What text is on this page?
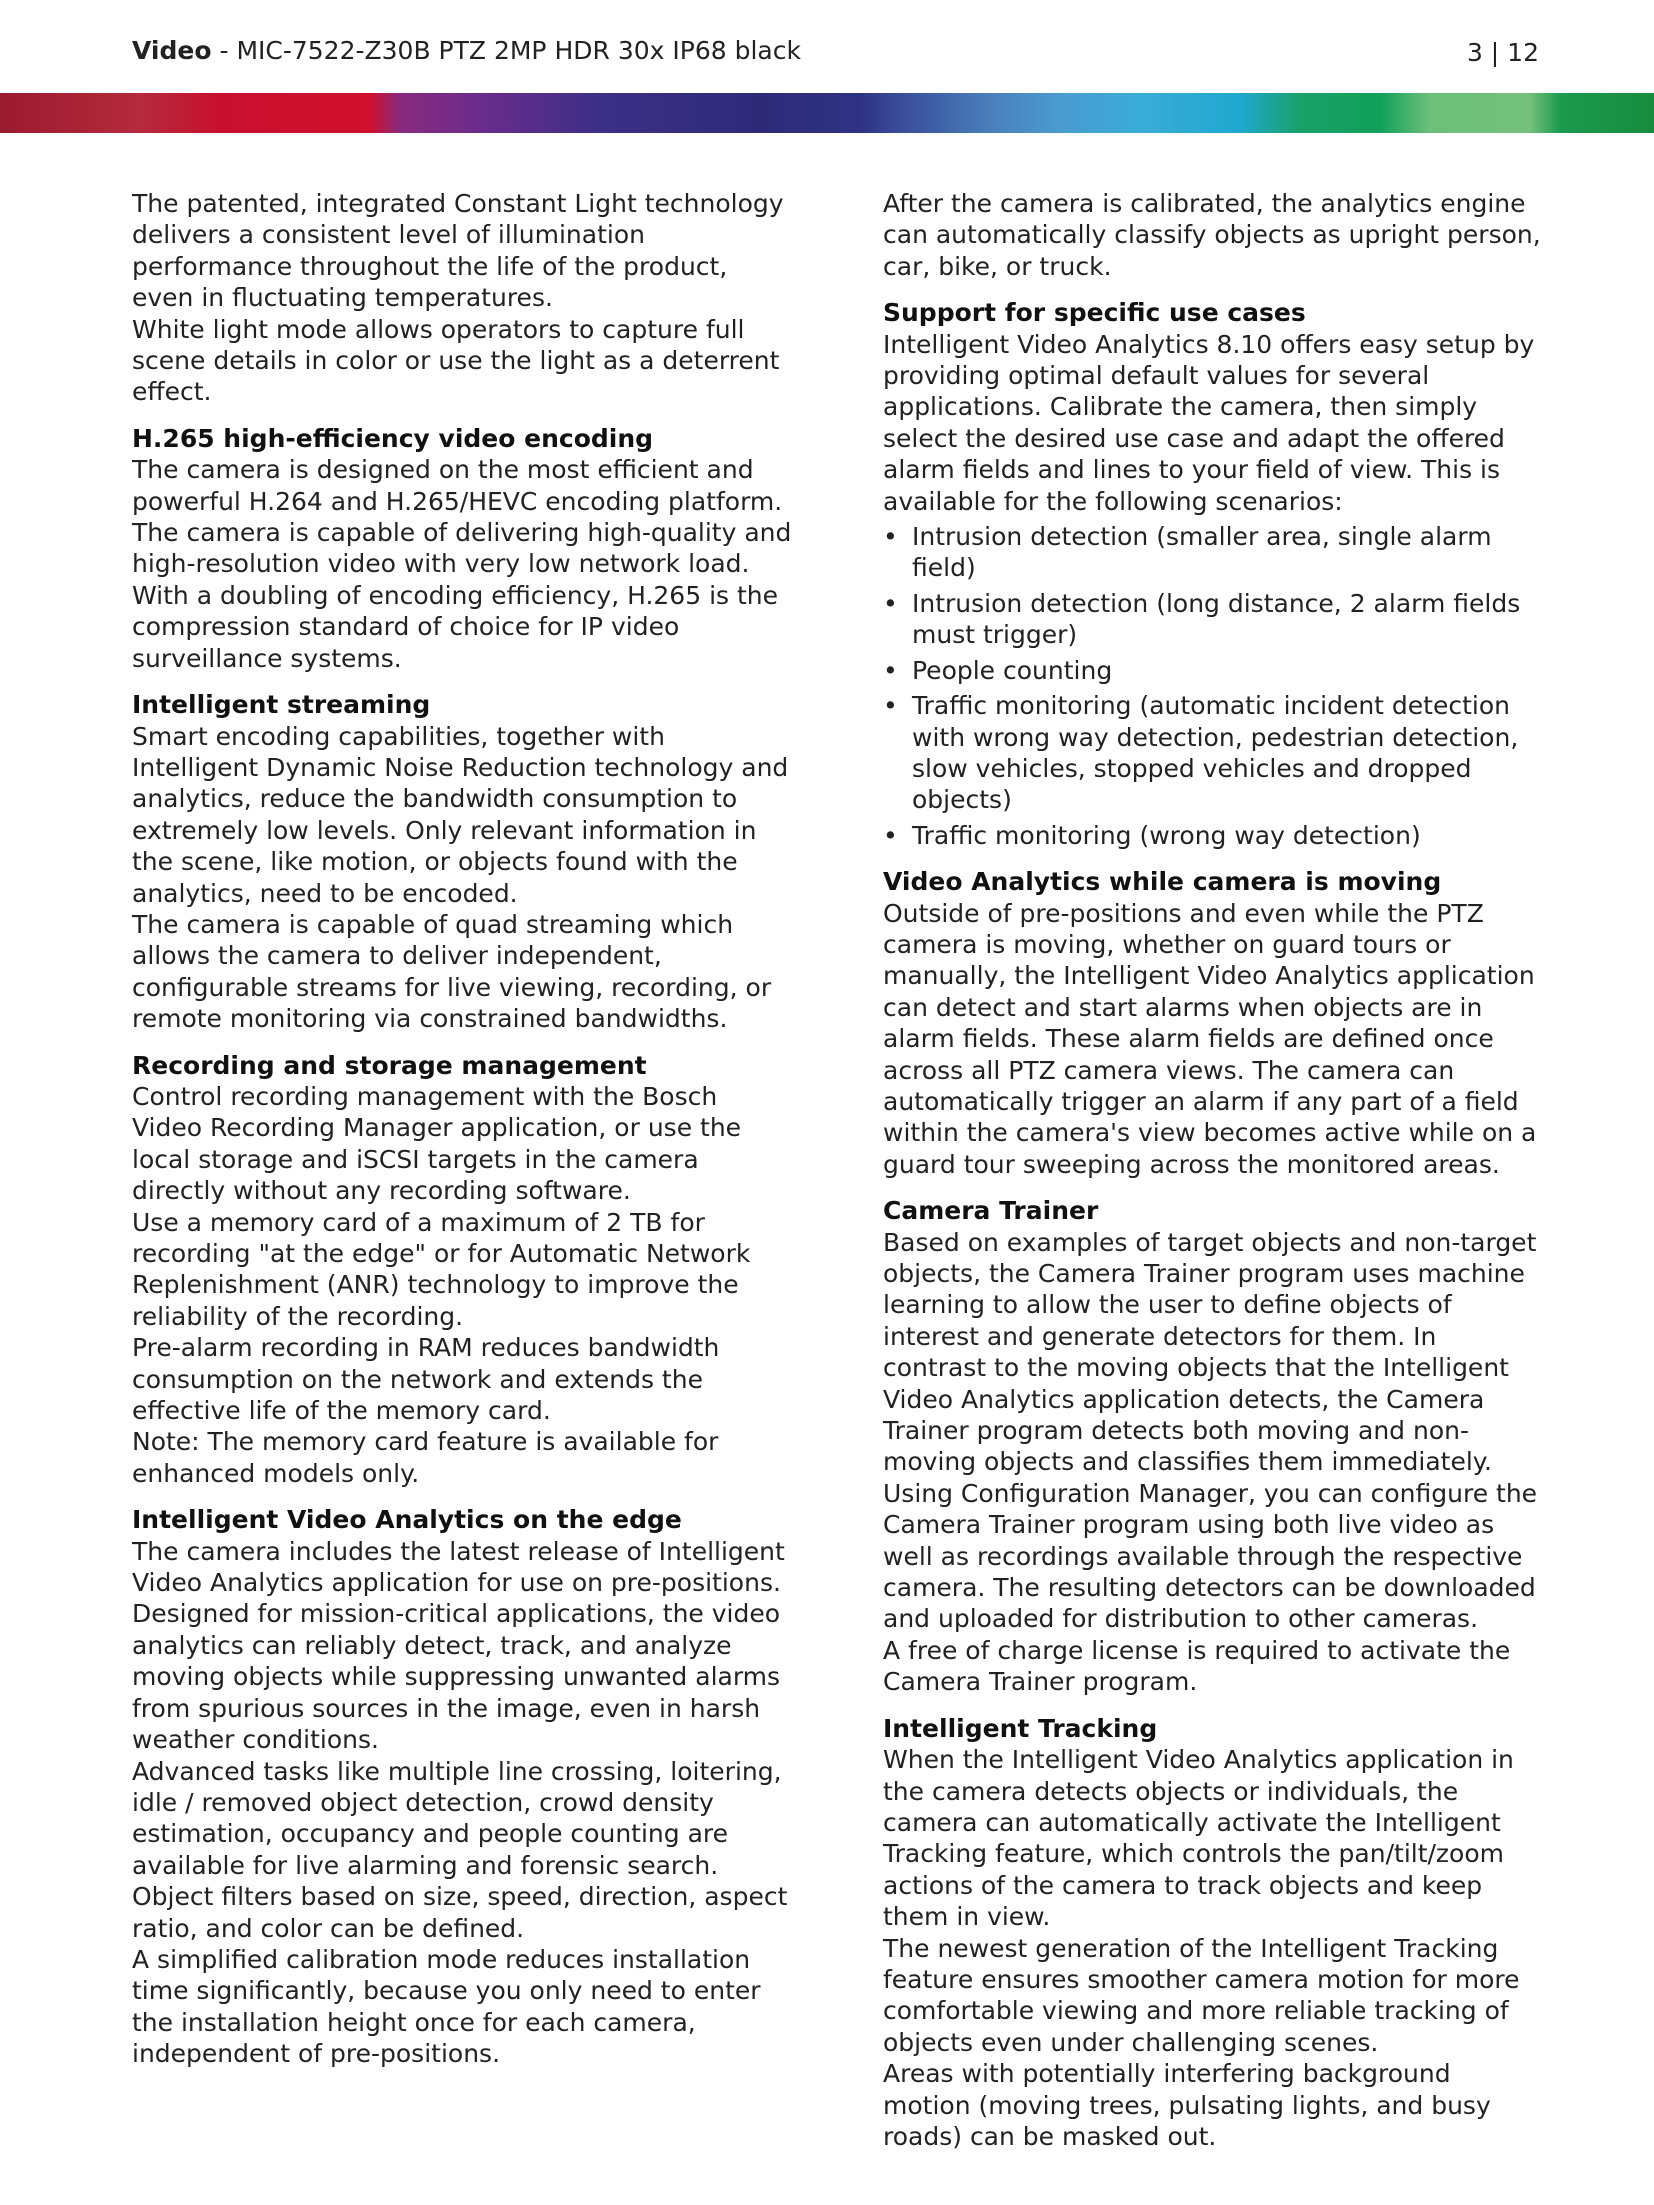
Video - MIC-7522-Z30B PTZ 2MP HDR 30x IP68 black	3 | 12

The patented, integrated Constant Light technology delivers a consistent level of illumination performance throughout the life of the product, even in fluctuating temperatures.

White light mode allows operators to capture full scene details in color or use the light as a deterrent effect.

H.265 high-efficiency video encoding

The camera is designed on the most efficient and powerful H.264 and H.265/HEVC encoding platform. The camera is capable of delivering high-quality and high-resolution video with very low network load. With a doubling of encoding efficiency, H.265 is the compression standard of choice for IP video surveillance systems.

Intelligent streaming

Smart encoding capabilities, together with Intelligent Dynamic Noise Reduction technology and analytics, reduce the bandwidth consumption to extremely low levels. Only relevant information in the scene, like motion, or objects found with the analytics, need to be encoded.

The camera is capable of quad streaming which allows the camera to deliver independent, configurable streams for live viewing, recording, or remote monitoring via constrained bandwidths.

Recording and storage management

Control recording management with the Bosch Video Recording Manager application, or use the local storage and iSCSI targets in the camera directly without any recording software.

Use a memory card of a maximum of 2 TB for recording "at the edge" or for Automatic Network Replenishment (ANR) technology to improve the reliability of the recording.

Pre-alarm recording in RAM reduces bandwidth consumption on the network and extends the effective life of the memory card.

Note: The memory card feature is available for enhanced models only.

Intelligent Video Analytics on the edge

The camera includes the latest release of Intelligent Video Analytics application for use on pre-positions. Designed for mission-critical applications, the video analytics can reliably detect, track, and analyze moving objects while suppressing unwanted alarms from spurious sources in the image, even in harsh weather conditions.

Advanced tasks like multiple line crossing, loitering, idle / removed object detection, crowd density estimation, occupancy and people counting are available for live alarming and forensic search. Object filters based on size, speed, direction, aspect ratio, and color can be defined.

A simplified calibration mode reduces installation time significantly, because you only need to enter the installation height once for each camera, independent of pre-positions.

After the camera is calibrated, the analytics engine can automatically classify objects as upright person, car, bike, or truck.

Support for specific use cases

Intelligent Video Analytics 8.10 offers easy setup by providing optimal default values for several applications. Calibrate the camera, then simply select the desired use case and adapt the offered alarm fields and lines to your field of view. This is available for the following scenarios:

• Intrusion detection (smaller area, single alarm field)
• Intrusion detection (long distance, 2 alarm fields must trigger)
• People counting
• Traffic monitoring (automatic incident detection with wrong way detection, pedestrian detection, slow vehicles, stopped vehicles and dropped objects)
• Traffic monitoring (wrong way detection)
Video Analytics while camera is moving

Outside of pre-positions and even while the PTZ camera is moving, whether on guard tours or manually, the Intelligent Video Analytics application can detect and start alarms when objects are in alarm fields. These alarm fields are defined once across all PTZ camera views. The camera can automatically trigger an alarm if any part of a field within the camera's view becomes active while on a guard tour sweeping across the monitored areas.

Camera Trainer

Based on examples of target objects and non-target objects, the Camera Trainer program uses machine learning to allow the user to define objects of interest and generate detectors for them. In contrast to the moving objects that the Intelligent Video Analytics application detects, the Camera Trainer program detects both moving and non-moving objects and classifies them immediately. Using Configuration Manager, you can configure the Camera Trainer program using both live video as well as recordings available through the respective camera. The resulting detectors can be downloaded and uploaded for distribution to other cameras.

A free of charge license is required to activate the Camera Trainer program.

Intelligent Tracking

When the Intelligent Video Analytics application in the camera detects objects or individuals, the camera can automatically activate the Intelligent Tracking feature, which controls the pan/tilt/zoom actions of the camera to track objects and keep them in view.

The newest generation of the Intelligent Tracking feature ensures smoother camera motion for more comfortable viewing and more reliable tracking of objects even under challenging scenes.

Areas with potentially interfering background motion (moving trees, pulsating lights, and busy roads) can be masked out.
